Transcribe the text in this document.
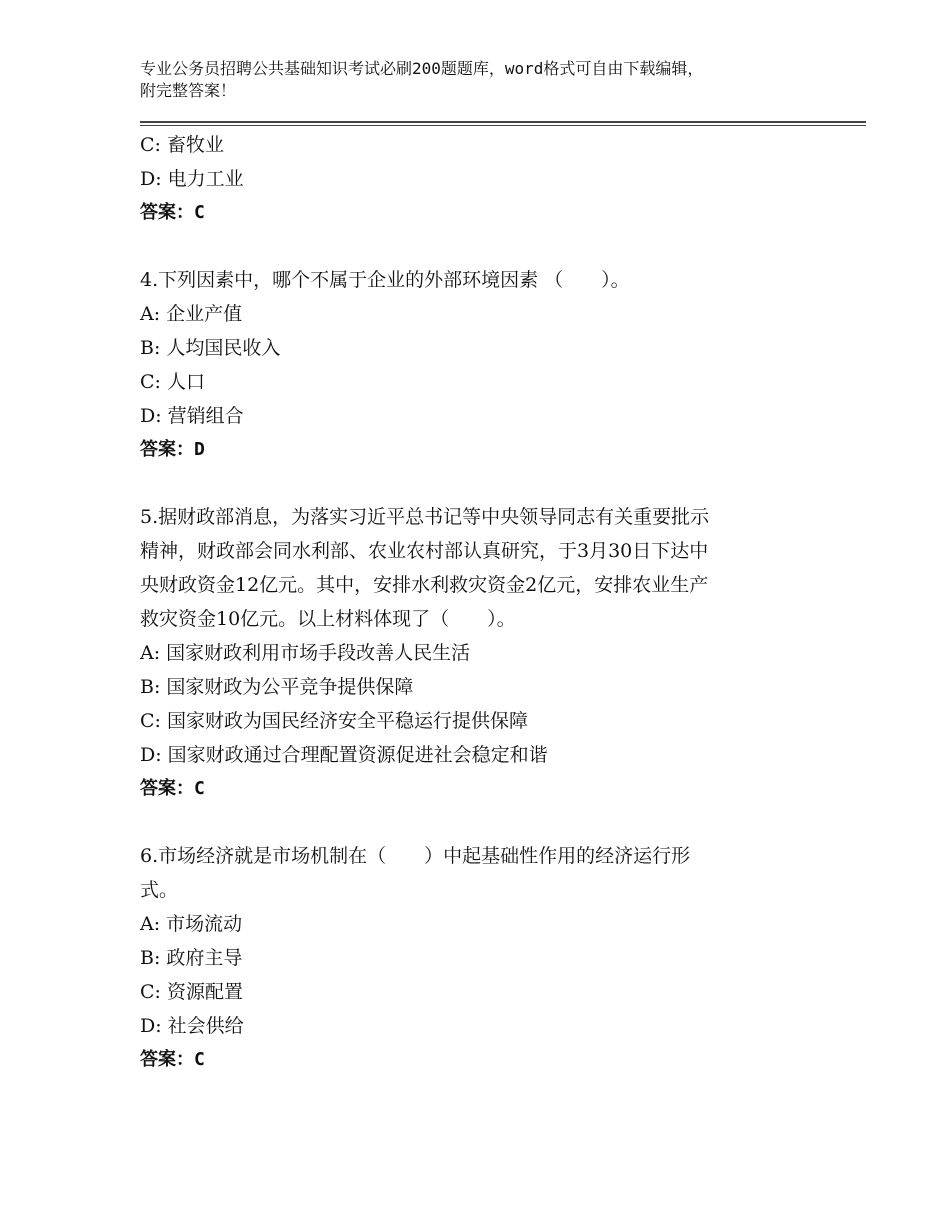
专业公务员招聘公共基础知识考试必刷200题题库，word格式可自由下载编辑，
附完整答案！
C: 畜牧业
D: 电力工业
答案：C
4.下列因素中，哪个不属于企业的外部环境因素 （　　）。
A: 企业产值
B: 人均国民收入
C: 人口
D: 营销组合
答案：D
5.据财政部消息，为落实习近平总书记等中央领导同志有关重要批示
精神，财政部会同水利部、农业农村部认真研究，于3月30日下达中
央财政资金12亿元。其中，安排水利救灾资金2亿元，安排农业生产
救灾资金10亿元。以上材料体现了（　　）。
A: 国家财政利用市场手段改善人民生活
B: 国家财政为公平竞争提供保障
C: 国家财政为国民经济安全平稳运行提供保障
D: 国家财政通过合理配置资源促进社会稳定和谐
答案：C
6.市场经济就是市场机制在（　　）中起基础性作用的经济运行形
式。
A: 市场流动
B: 政府主导
C: 资源配置
D: 社会供给
答案：C
